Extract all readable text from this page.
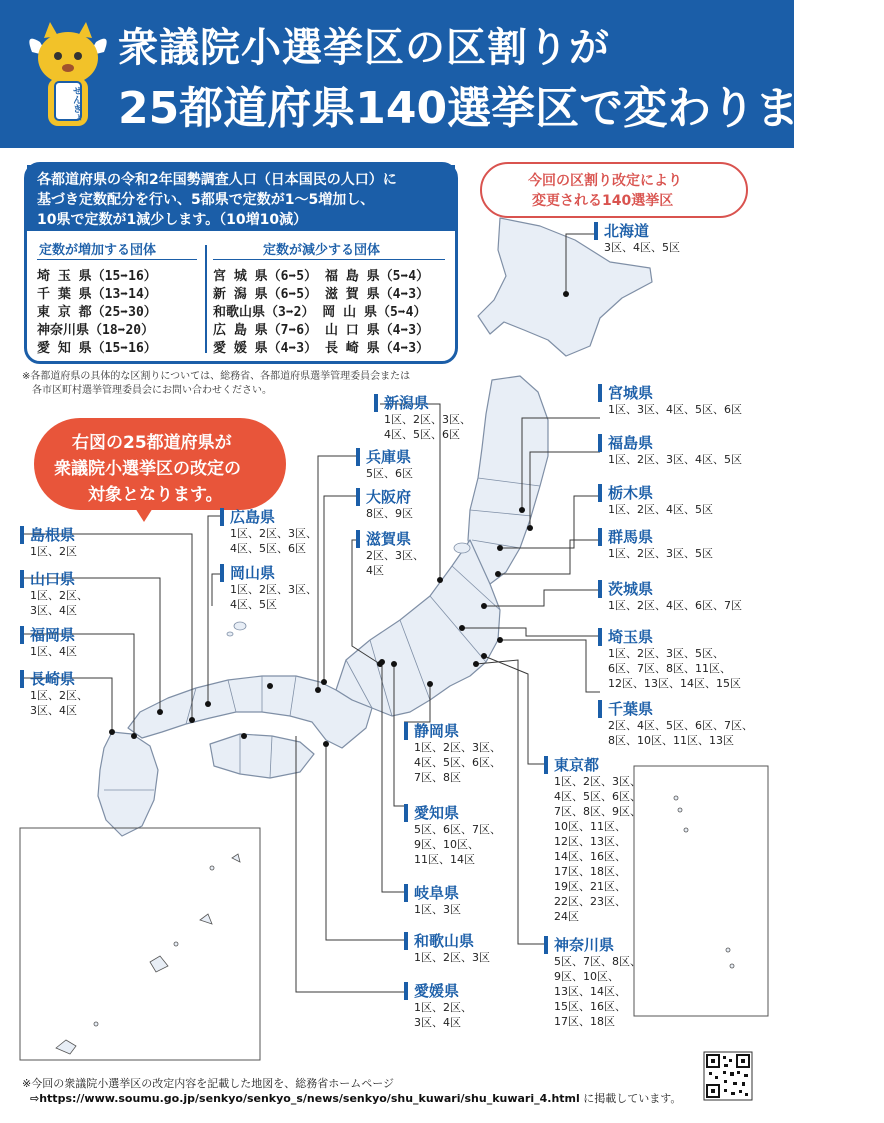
せんきょ
衆議院小選挙区の区割りが
25都道府県140選挙区で変わります。
各都道府県の令和2年国勢調査人口（日本国民の人口）に
基づき定数配分を行い、5都県で定数が1〜5増加し、
10県で定数が1減少します。（10増10減）
定数が増加する団体	定数が減少する団体
埼 玉 県（15➡16）
千 葉 県（13➡14）
東 京 都（25➡30）
神奈川県（18➡20）
愛 知 県（15➡16）
宮 城 県（6➡5） 福 島 県（5➡4）
新 潟 県（6➡5） 滋 賀 県（4➡3）
和歌山県（3➡2） 岡 山 県（5➡4）
広 島 県（7➡6） 山 口 県（4➡3）
愛 媛 県（4➡3） 長 崎 県（4➡3）
※各都道府県の具体的な区割りについては、総務省、各都道府県選挙管理委員会または
各市区町村選挙管理委員会にお問い合わせください。
今回の区割り改定により
変更される140選挙区
右図の25都道府県が
衆議院小選挙区の改定の
対象となります。
北海道
3区、4区、5区
宮城県
1区、3区、4区、5区、6区
福島県
1区、2区、3区、4区、5区
栃木県
1区、2区、4区、5区
群馬県
1区、2区、3区、5区
茨城県
1区、2区、4区、6区、7区
埼玉県
1区、2区、3区、5区、
6区、7区、8区、11区、
12区、13区、14区、15区
千葉県
2区、4区、5区、6区、7区、
8区、10区、11区、13区
新潟県
1区、2区、3区、
4区、5区、6区
兵庫県
5区、6区
大阪府
8区、9区
滋賀県
2区、3区、
4区
広島県
1区、2区、3区、
4区、5区、6区
岡山県
1区、2区、3区、
4区、5区
島根県
1区、2区
山口県
1区、2区、
3区、4区
福岡県
1区、4区
長崎県
1区、2区、
3区、4区
静岡県
1区、2区、3区、
4区、5区、6区、
7区、8区
愛知県
5区、6区、7区、
9区、10区、
11区、14区
岐阜県
1区、3区
和歌山県
1区、2区、3区
愛媛県
1区、2区、
3区、4区
東京都
1区、2区、3区、
4区、5区、6区、
7区、8区、9区、
10区、11区、
12区、13区、
14区、16区、
17区、18区、
19区、21区、
22区、23区、
24区
神奈川県
5区、7区、8区、
9区、10区、
13区、14区、
15区、16区、
17区、18区
※今回の衆議院小選挙区の改定内容を記載した地図を、総務省ホームページ
⇨https://www.soumu.go.jp/senkyo/senkyo_s/news/senkyo/shu_kuwari/shu_kuwari_4.html に掲載しています。
